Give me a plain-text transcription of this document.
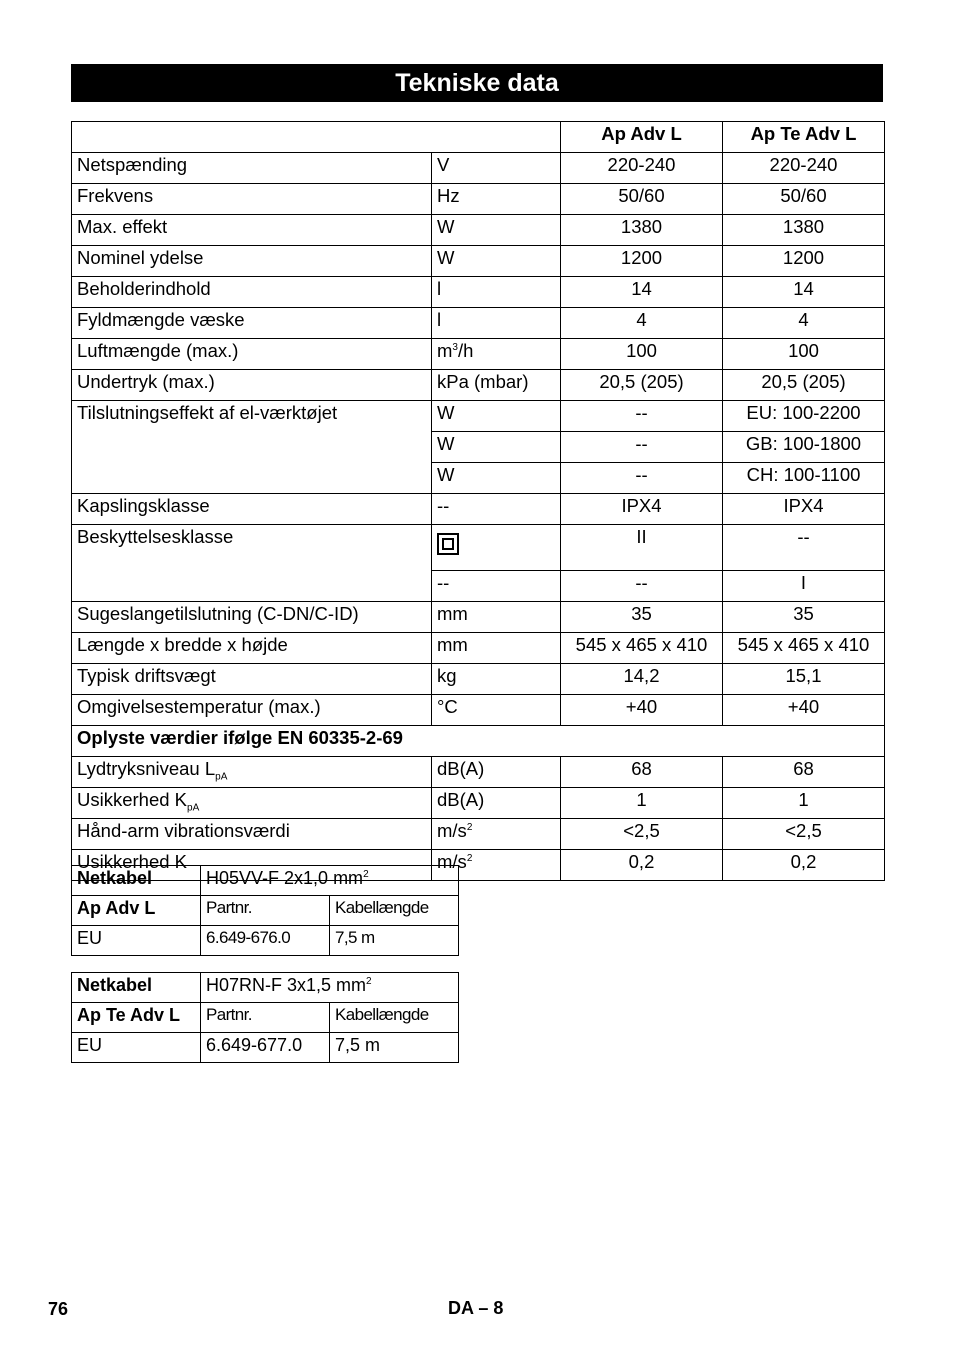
Tekniske data
		Ap Adv L	Ap Te Adv L
Netspænding	V	220-240	220-240
Frekvens	Hz	50/60	50/60
Max. effekt	W	1380	1380
Nominel ydelse	W	1200	1200
Beholderindhold	l	14	14
Fyldmængde væske	l	4	4
Luftmængde (max.)	$m^3/h$	100	100
Undertryk (max.)	kPa (mbar)	20,5 (205)	20,5 (205)
Tilslutningseffekt af el-værktøjet	W	--	EU: 100-2200
	W	--	GB: 100-1800
	W	--	CH: 100-1100
Kapslingsklasse	--	IPX4	IPX4
Beskyttelsesklasse		II	--
	--	--	I
Sugeslangetilslutning (C-DN/C-ID)	mm	35	35
Længde x bredde x højde	mm	545 x 465 x 410	545 x 465 x 410
Typisk driftsvægt	kg	14,2	15,1
Omgivelsestemperatur (max.)	°C	+40	+40
Oplyste værdier ifølge EN 60335-2-69			
Lydtryksniveau $L_{pA}$	dB(A)	68	68
Usikkerhed $K_{pA}$	dB(A)	1	1
Hånd-arm vibrationsværdi	$m/s^2$	<2,5	<2,5
Usikkerhed K	$m/s^2$	0,2	0,2
Netkabel	H05VV-F 2x1,0 $mm^2$
Ap Adv L	Partnr.	Kabellængde
EU	6.649-676.0	7,5 m
Netkabel	H07RN-F 3x1,5 $mm^2$
Ap Te Adv L	Partnr.	Kabellængde
EU	6.649-677.0	7,5 m
76	DA – 8
